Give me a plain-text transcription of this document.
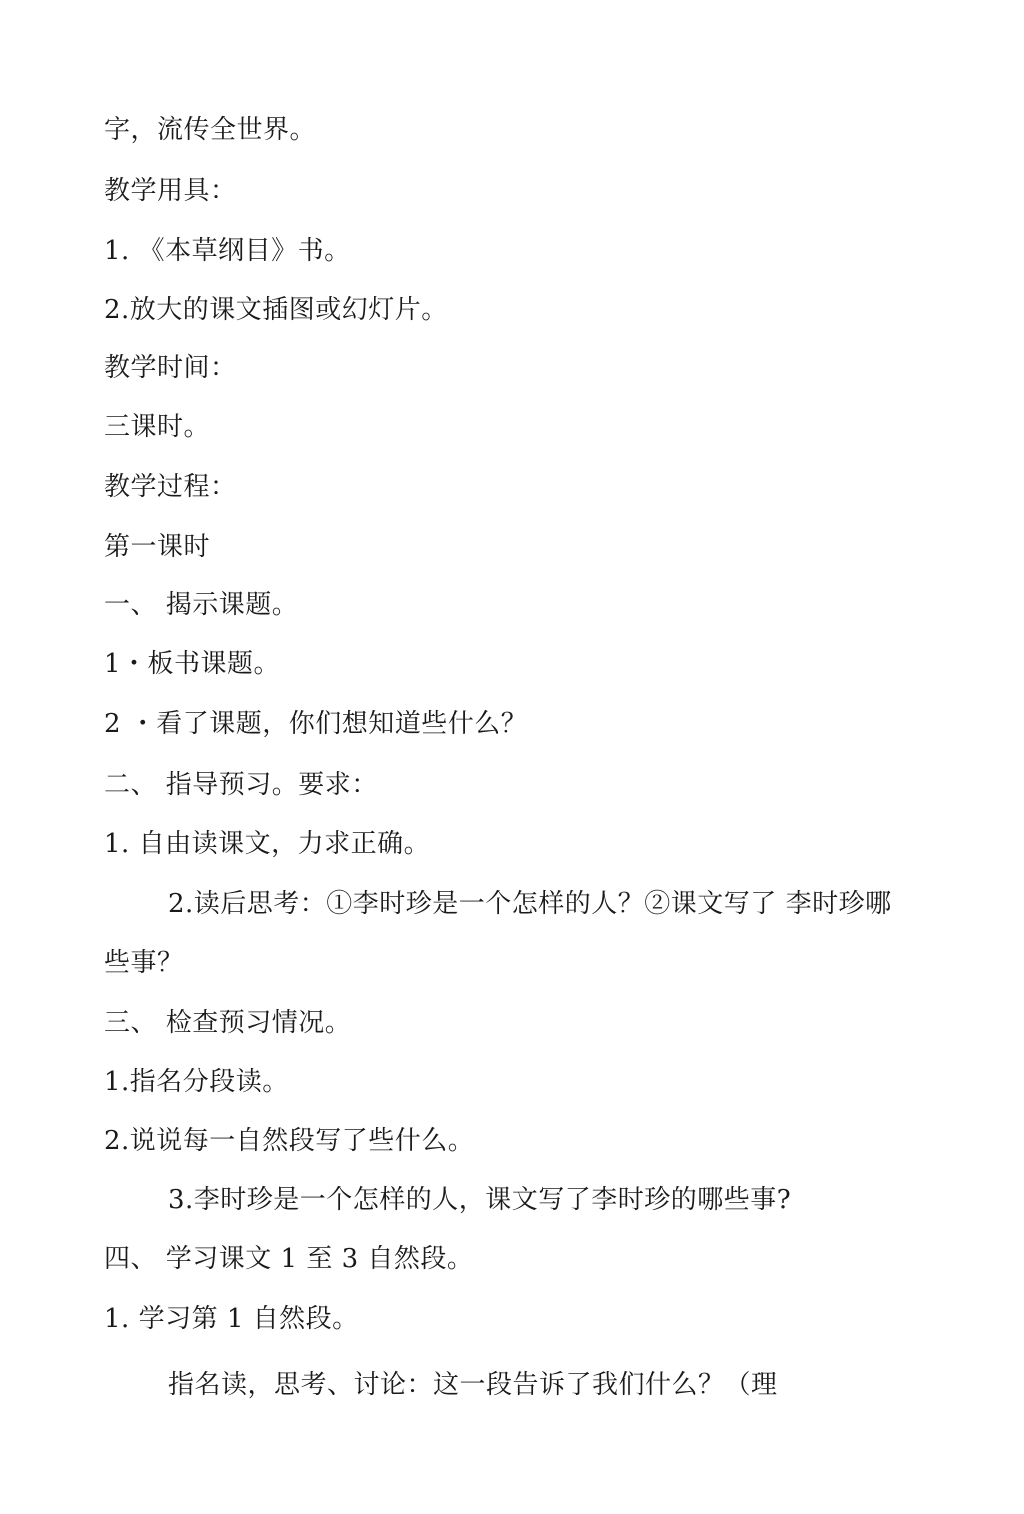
字，流传全世界。
教学用具：
1. 《本草纲目》书。
2.放大的课文插图或幻灯片。
教学时间：
三课时。
教学过程：
第一课时
一、 揭示课题。
1・板书课题。
2 ・看了课题，你们想知道些什么？
二、 指导预习。要求：
1. 自由读课文，力求正确。
2.读后思考：①李时珍是一个怎样的人？②课文写了 李时珍哪
些事？
三、 检查预习情况。
1.指名分段读。
2.说说每一自然段写了些什么。
3.李时珍是一个怎样的人，课文写了李时珍的哪些事?
四、 学习课文 1 至 3 自然段。
1. 学习第 1 自然段。
指名读，思考、讨论：这一段告诉了我们什么？（理
